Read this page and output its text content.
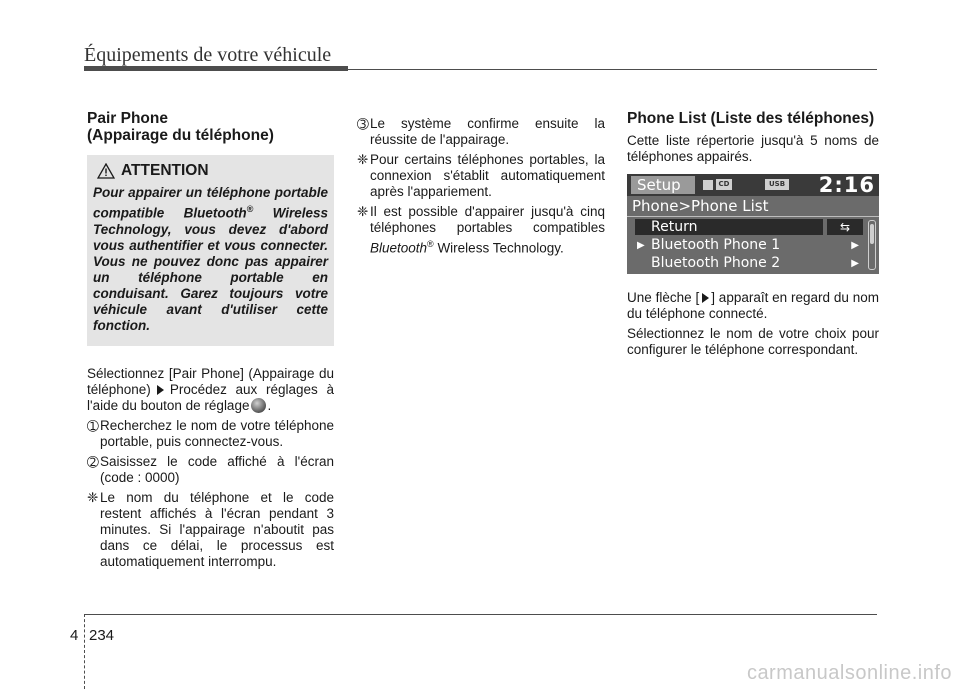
Équipements de votre véhicule
Pair Phone
(Appairage du téléphone)
ATTENTION
Pour appairer un téléphone portable compatible Bluetooth® Wireless Technology, vous devez d'abord vous authentifier et vous connecter. Vous ne pouvez donc pas appairer un téléphone portable en conduisant. Garez toujours votre véhicule avant d'utiliser cette fonction.
Sélectionnez [Pair Phone] (Appairage du téléphone) Procédez aux réglages à l'aide du bouton de réglage .
➀ Recherchez le nom de votre téléphone portable, puis connectez-vous.
➁ Saisissez le code affiché à l'écran (code : 0000)
❈ Le nom du téléphone et le code restent affichés à l'écran pendant 3 minutes. Si l'appairage n'aboutit pas dans ce délai, le processus est automatiquement interrompu.
➂ Le système confirme ensuite la réussite de l'appairage.
❈ Pour certains téléphones portables, la connexion s'établit automatiquement après l'appariement.
❈ Il est possible d'appairer jusqu'à cinq téléphones portables compatibles Bluetooth® Wireless Technology.
Phone List (Liste des téléphones)
Cette liste répertorie jusqu'à 5 noms de téléphones appairés.
Setup	CD	USB 2:16
Phone>Phone List
Return	⇆
▶ Bluetooth Phone 1	▶
Bluetooth Phone 2	▶
Une flèche [ ] apparaît en regard du nom du téléphone connecté.
Sélectionnez le nom de votre choix pour configurer le téléphone correspondant.
4 234
carmanualsonline.info
